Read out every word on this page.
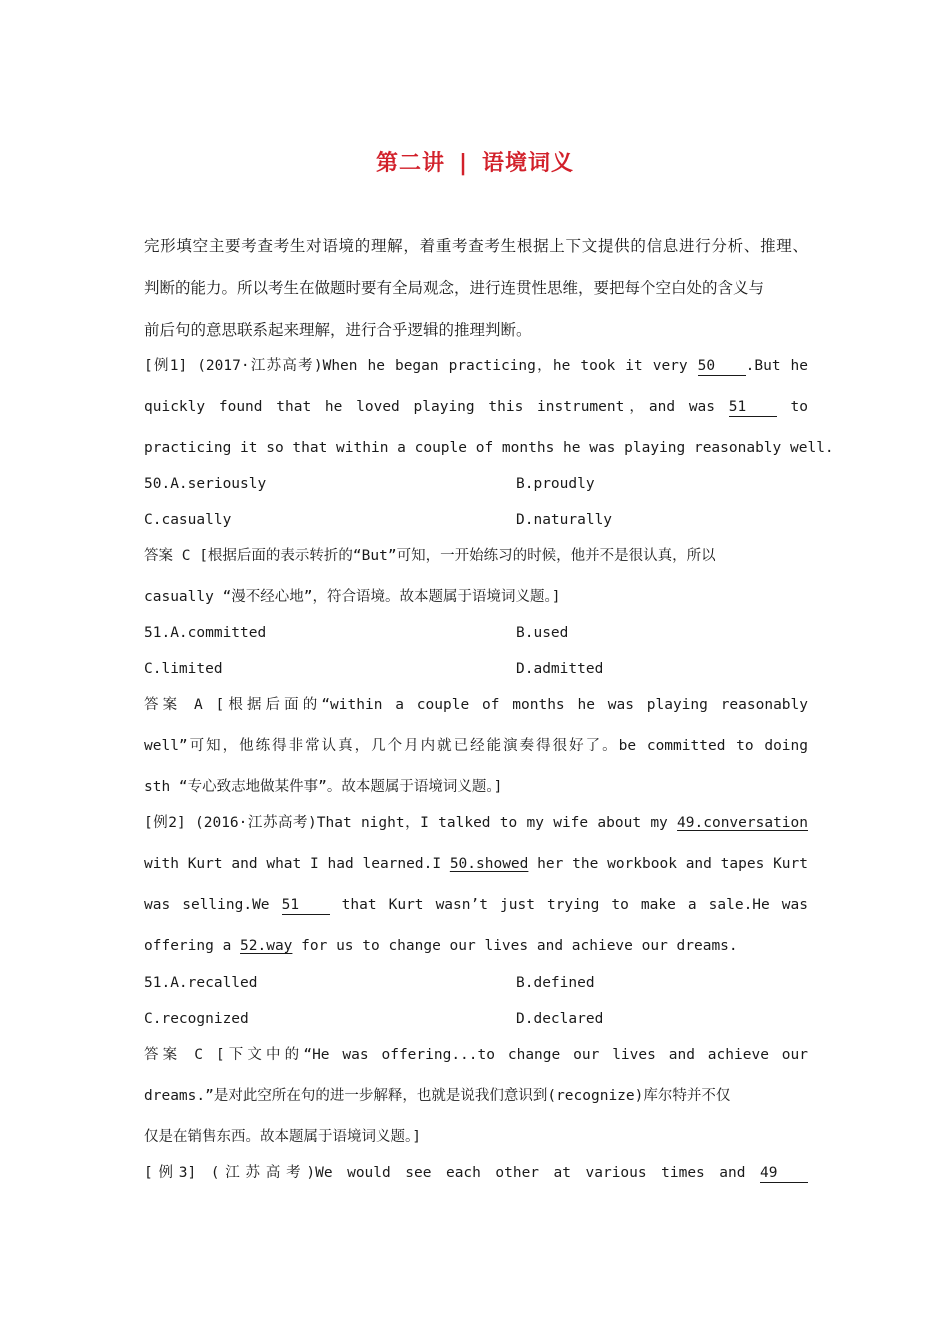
第二讲 | 语境词义
完形填空主要考查考生对语境的理解，着重考查考生根据上下文提供的信息进行分析、推理、
判断的能力。所以考生在做题时要有全局观念，进行连贯性思维，要把每个空白处的含义与
前后句的意思联系起来理解，进行合乎逻辑的推理判断。
[例1] (2017·江苏高考)When he began practicing，he took it very 50 .But he
quickly found that he loved playing this instrument，and was 51 to
practicing it so that within a couple of months he was playing reasonably well.
50.A.seriously	B.proudly
C.casually	D.naturally
答案 C [根据后面的表示转折的“But”可知，一开始练习的时候，他并不是很认真，所以
casually “漫不经心地”，符合语境。故本题属于语境词义题。]
51.A.committed	B.used
C.limited	D.admitted
答案 A [根据后面的“within a couple of months he was playing reasonably
well”可知，他练得非常认真，几个月内就已经能演奏得很好了。be committed to doing
sth “专心致志地做某件事”。故本题属于语境词义题。]
[例2] (2016·江苏高考)That night，I talked to my wife about my 49.conversation
with Kurt and what I had learned.I 50.showed her the workbook and tapes Kurt
was selling.We 51 that Kurt wasn’t just trying to make a sale.He was
offering a 52.way for us to change our lives and achieve our dreams.
51.A.recalled	B.defined
C.recognized	D.declared
答案 C [下文中的“He was offering...to change our lives and achieve our
dreams.”是对此空所在句的进一步解释，也就是说我们意识到(recognize)库尔特并不仅
仅是在销售东西。故本题属于语境词义题。]
[例3] (江苏高考)We would see each other at various times and 49
